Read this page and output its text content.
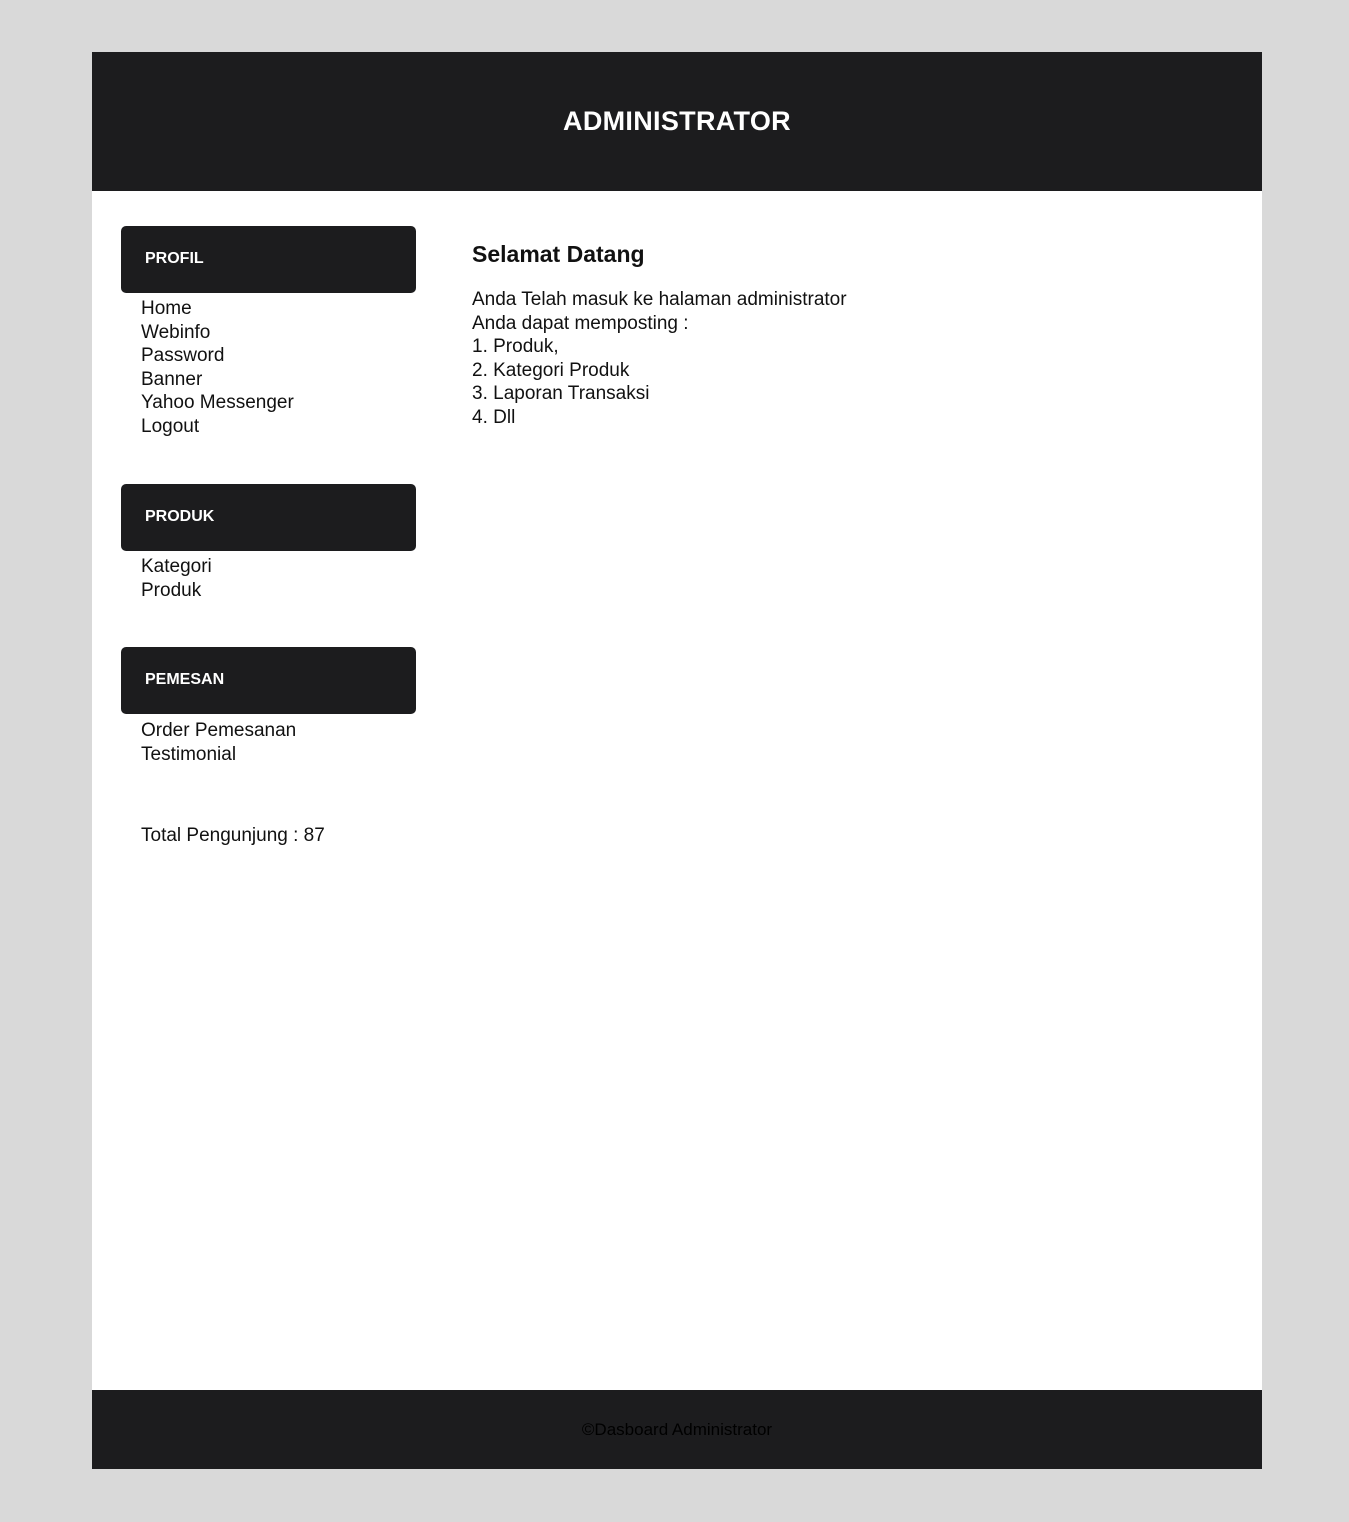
ADMINISTRATOR
PROFIL
Home
Webinfo
Password
Banner
Yahoo Messenger
Logout
PRODUK
Kategori
Produk
PEMESAN
Order Pemesanan
Testimonial
Total Pengunjung : 87
Selamat Datang
Anda Telah masuk ke halaman administrator
Anda dapat memposting :
1. Produk,
2. Kategori Produk
3. Laporan Transaksi
4. Dll
©Dasboard Administrator
